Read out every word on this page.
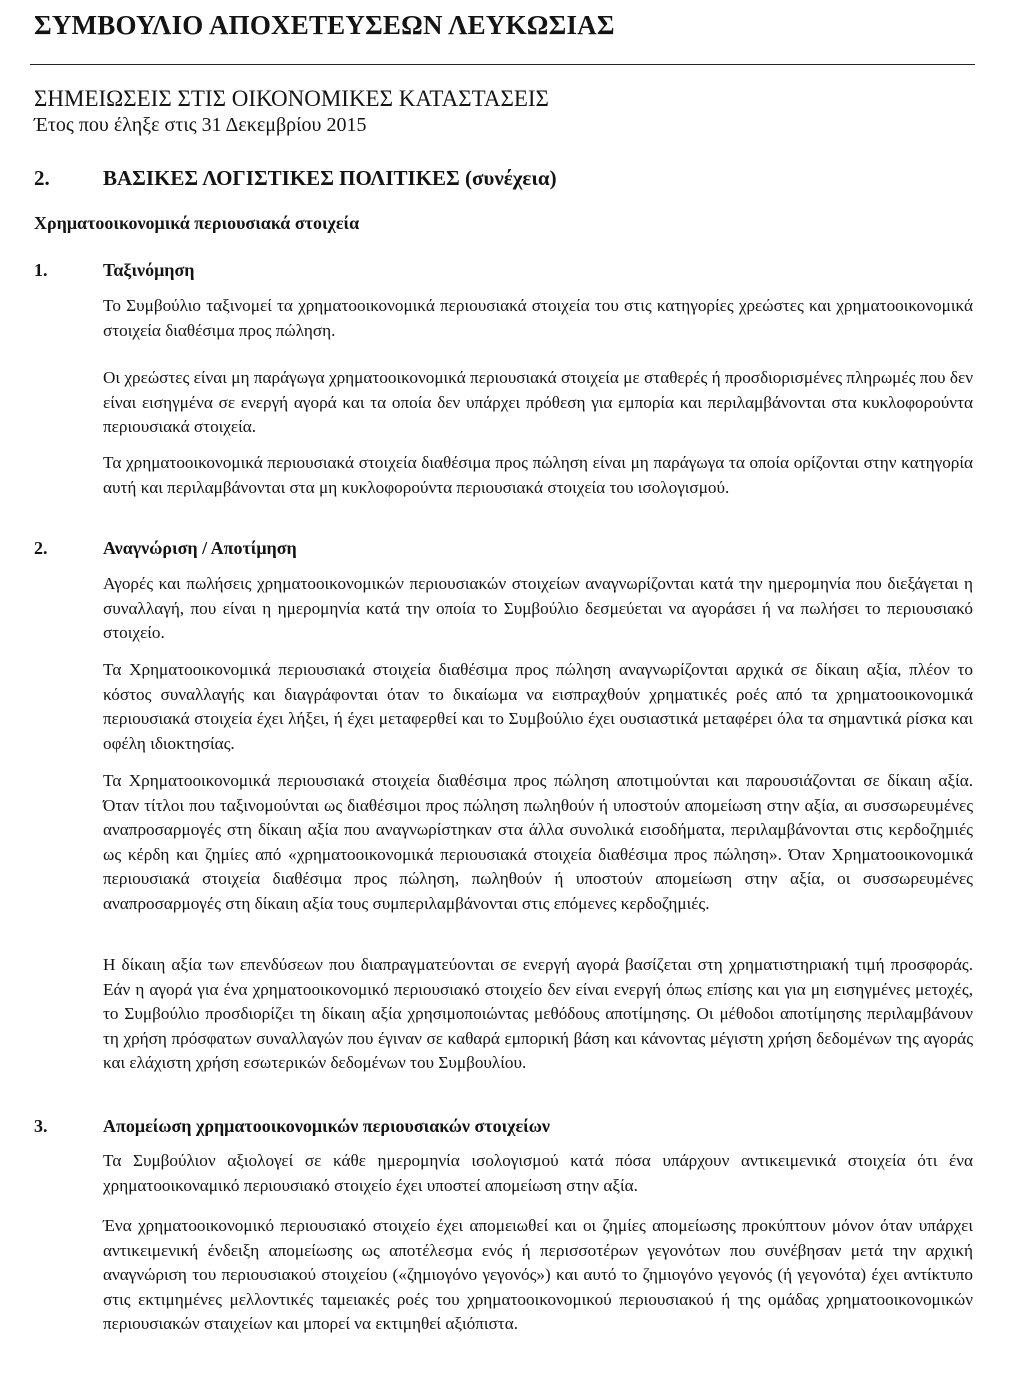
ΣΥΜΒΟΥΛΙΟ ΑΠΟΧΕΤΕΥΣΕΩΝ ΛΕΥΚΩΣΙΑΣ
ΣΗΜΕΙΩΣΕΙΣ ΣΤΙΣ ΟΙΚΟΝΟΜΙΚΕΣ ΚΑΤΑΣΤΑΣΕΙΣ
Έτος που έληξε στις 31 Δεκεμβρίου 2015
2.	ΒΑΣΙΚΕΣ ΛΟΓΙΣΤΙΚΕΣ ΠΟΛΙΤΙΚΕΣ (συνέχεια)
Χρηματοοικονομικά περιουσιακά στοιχεία
1.	Ταξινόμηση

Το Συμβούλιο ταξινομεί τα χρηματοοικονομικά περιουσιακά στοιχεία του στις κατηγορίες χρεώστες και χρηματοοικονομικά στοιχεία διαθέσιμα προς πώληση.

Οι χρεώστες είναι μη παράγωγα χρηματοοικονομικά περιουσιακά στοιχεία με σταθερές ή προσδιορισμένες πληρωμές που δεν είναι εισηγμένα σε ενεργή αγορά και τα οποία δεν υπάρχει πρόθεση για εμπορία και περιλαμβάνονται στα κυκλοφορούντα περιουσιακά στοιχεία.

Τα χρηματοοικονομικά περιουσιακά στοιχεία διαθέσιμα προς πώληση είναι μη παράγωγα τα οποία ορίζονται στην κατηγορία αυτή και περιλαμβάνονται στα μη κυκλοφορούντα περιουσιακά στοιχεία του ισολογισμού.

2.	Αναγνώριση / Αποτίμηση

Αγορές και πωλήσεις χρηματοοικονομικών περιουσιακών στοιχείων αναγνωρίζονται κατά την ημερομηνία που διεξάγεται η συναλλαγή, που είναι η ημερομηνία κατά την οποία το Συμβούλιο δεσμεύεται να αγοράσει ή να πωλήσει το περιουσιακό στοιχείο.

Τα Χρηματοοικονομικά περιουσιακά στοιχεία διαθέσιμα προς πώληση αναγνωρίζονται αρχικά σε δίκαιη αξία, πλέον το κόστος συναλλαγής και διαγράφονται όταν το δικαίωμα να εισπραχθούν χρηματικές ροές από τα χρηματοοικονομικά περιουσιακά στοιχεία έχει λήξει, ή έχει μεταφερθεί και το Συμβούλιο έχει ουσιαστικά μεταφέρει όλα τα σημαντικά ρίσκα και οφέλη ιδιοκτησίας.

Τα Χρηματοοικονομικά περιουσιακά στοιχεία διαθέσιμα προς πώληση αποτιμούνται και παρουσιάζονται σε δίκαιη αξία. Όταν τίτλοι που ταξινομούνται ως διαθέσιμοι προς πώληση πωληθούν ή υποστούν απομείωση στην αξία, αι συσσωρευμένες αναπροσαρμογές στη δίκαιη αξία που αναγνωρίστηκαν στα άλλα συνολικά εισοδήματα, περιλαμβάνονται στις κερδοζημιές ως κέρδη και ζημίες από «χρηματοοικονομικά περιουσιακά στοιχεία διαθέσιμα προς πώληση». Όταν Χρηματοοικονομικά περιουσιακά στοιχεία διαθέσιμα προς πώληση, πωληθούν ή υποστούν απομείωση στην αξία, οι συσσωρευμένες αναπροσαρμογές στη δίκαιη αξία τους συμπεριλαμβάνονται στις επόμενες κερδοζημιές.

Η δίκαιη αξία των επενδύσεων που διαπραγματεύονται σε ενεργή αγορά βασίζεται στη χρηματιστηριακή τιμή προσφοράς. Εάν η αγορά για ένα χρηματοοικονομικό περιουσιακό στοιχείο δεν είναι ενεργή όπως επίσης και για μη εισηγμένες μετοχές, το Συμβούλιο προσδιορίζει τη δίκαιη αξία χρησιμοποιώντας μεθόδους αποτίμησης. Οι μέθοδοι αποτίμησης περιλαμβάνουν τη χρήση πρόσφατων συναλλαγών που έγιναν σε καθαρά εμπορική βάση και κάνοντας μέγιστη χρήση δεδομένων της αγοράς και ελάχιστη χρήση εσωτερικών δεδομένων του Συμβουλίου.

3.	Απομείωση χρηματοοικονομικών περιουσιακών στοιχείων

Τα Συμβούλιον αξιολογεί σε κάθε ημερομηνία ισολογισμού κατά πόσα υπάρχουν αντικειμενικά στοιχεία ότι ένα χρηματοοικοναμικό περιουσιακό στοιχείο έχει υποστεί απομείωση στην αξία.

Ένα χρηματοοικονομικό περιουσιακό στοιχείο έχει απομειωθεί και οι ζημίες απομείωσης προκύπτουν μόνον όταν υπάρχει αντικειμενική ένδειξη απομείωσης ως αποτέλεσμα ενός ή περισσοτέρων γεγονότων που συνέβησαν μετά την αρχική αναγνώριση του περιουσιακού στοιχείου («ζημιογόνο γεγονός») και αυτό το ζημιογόνο γεγονός (ή γεγονότα) έχει αντίκτυπο στις εκτιμημένες μελλοντικές ταμειακές ροές του χρηματοοικονομικού περιουσιακού ή της ομάδας χρηματοοικονομικών περιουσιακών σταιχείων και μπορεί να εκτιμηθεί αξιόπιστα.
